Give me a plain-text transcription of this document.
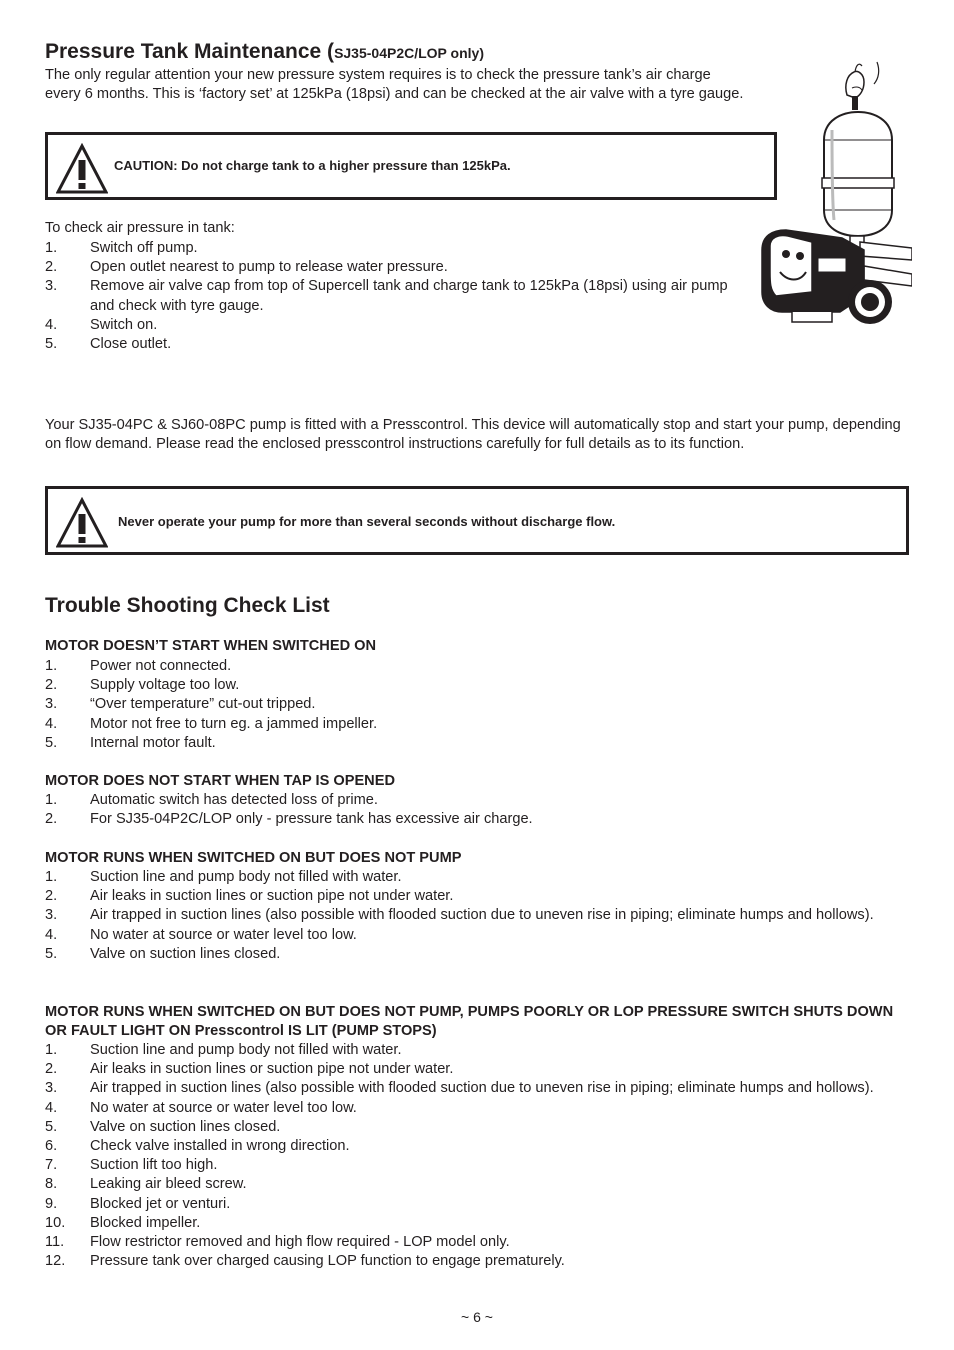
Pressure Tank Maintenance (SJ35-04P2C/LOP only)
The only regular attention your new pressure system requires is to check the pressure tank’s air charge every 6 months. This is ‘factory set’ at 125kPa (18psi) and can be checked at the air valve with a tyre gauge.
CAUTION: Do not charge tank to a higher pressure than 125kPa.
To check air pressure in tank:
1. Switch off pump.
2. Open outlet nearest to pump to release water pressure.
3. Remove air valve cap from top of Supercell tank and charge tank to 125kPa (18psi) using air pump and check with tyre gauge.
4. Switch on.
5. Close outlet.
Your SJ35-04PC & SJ60-08PC pump is fitted with a Presscontrol. This device will automatically stop and start your pump, depending on flow demand. Please read the enclosed presscontrol instructions carefully for full details as to its function.
Never operate your pump for more than several seconds without discharge flow.
Trouble Shooting Check List
MOTOR DOESN’T START WHEN SWITCHED ON
1. Power not connected.
2. Supply voltage too low.
3. “Over temperature” cut-out tripped.
4. Motor not free to turn eg. a jammed impeller.
5. Internal motor fault.
MOTOR DOES NOT START WHEN TAP IS OPENED
1. Automatic switch has detected loss of prime.
2. For SJ35-04P2C/LOP only - pressure tank has excessive air charge.
MOTOR RUNS WHEN SWITCHED ON BUT DOES NOT PUMP
1. Suction line and pump body not filled with water.
2. Air leaks in suction lines or suction pipe not under water.
3. Air trapped in suction lines (also possible with flooded suction due to uneven rise in piping; eliminate humps and hollows).
4. No water at source or water level too low.
5. Valve on suction lines closed.
MOTOR RUNS WHEN SWITCHED ON BUT DOES NOT PUMP, PUMPS POORLY OR LOP PRESSURE SWITCH SHUTS DOWN OR FAULT LIGHT ON Presscontrol IS LIT (PUMP STOPS)
1. Suction line and pump body not filled with water.
2. Air leaks in suction lines or suction pipe not under water.
3. Air trapped in suction lines (also possible with flooded suction due to uneven rise in piping; eliminate humps and hollows).
4. No water at source or water level too low.
5. Valve on suction lines closed.
6. Check valve installed in wrong direction.
7. Suction lift too high.
8. Leaking air bleed screw.
9. Blocked jet or venturi.
10. Blocked impeller.
11. Flow restrictor removed and high flow required - LOP model only.
12. Pressure tank over charged causing LOP function to engage prematurely.
~ 6 ~
